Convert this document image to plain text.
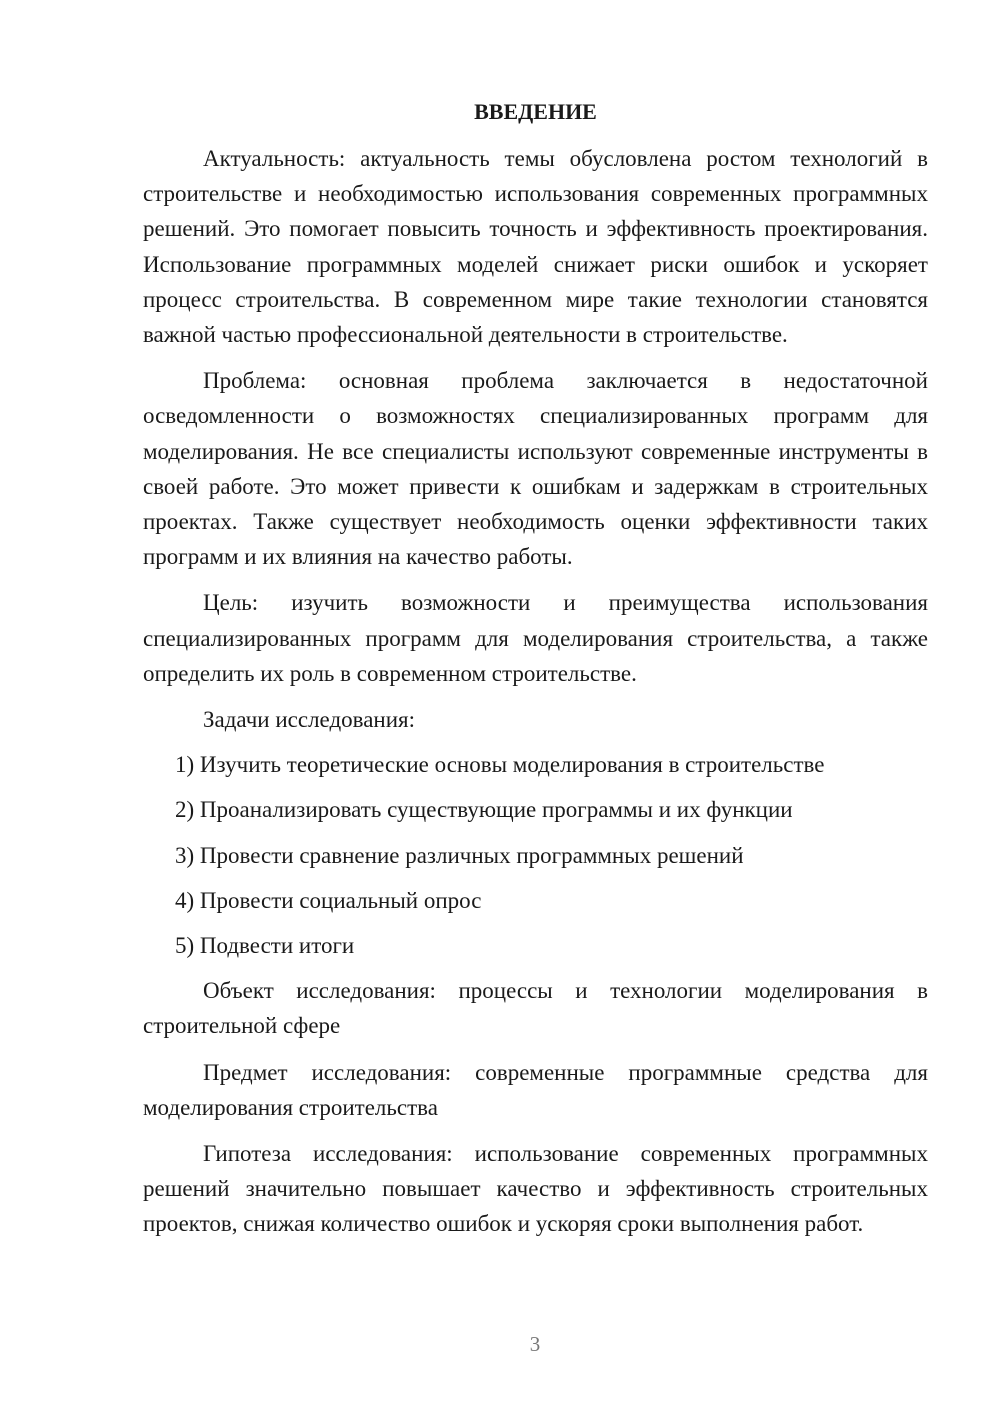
ВВЕДЕНИЕ

Актуальность: актуальность темы обусловлена ростом технологий в строительстве и необходимостью использования современных программных решений. Это помогает повысить точность и эффективность проектирования. Использование программных моделей снижает риски ошибок и ускоряет процесс строительства. В современном мире такие технологии становятся важной частью профессиональной деятельности в строительстве.

Проблема: основная проблема заключается в недостаточной осведомленности о возможностях специализированных программ для моделирования. Не все специалисты используют современные инструменты в своей работе. Это может привести к ошибкам и задержкам в строительных проектах. Также существует необходимость оценки эффективности таких программ и их влияния на качество работы.

Цель: изучить возможности и преимущества использования специализированных программ для моделирования строительства, а также определить их роль в современном строительстве.

Задачи исследования:

1) Изучить теоретические основы моделирования в строительстве
2) Проанализировать существующие программы и их функции
3) Провести сравнение различных программных решений
4) Провести социальный опрос
5) Подвести итоги

Объект исследования: процессы и технологии моделирования в строительной сфере

Предмет исследования: современные программные средства для моделирования строительства

Гипотеза исследования: использование современных программных решений значительно повышает качество и эффективность строительных проектов, снижая количество ошибок и ускоряя сроки выполнения работ.

3
